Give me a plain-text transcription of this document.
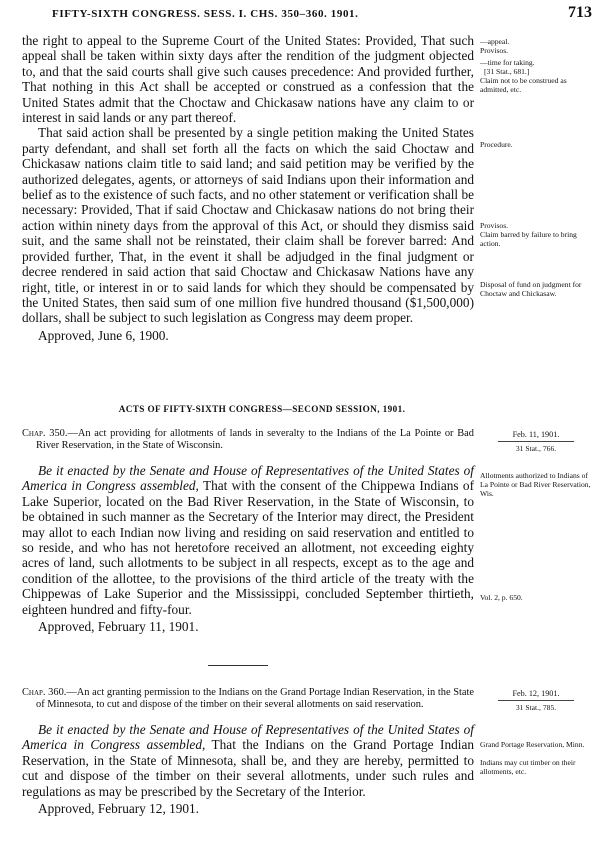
FIFTY-SIXTH CONGRESS. SESS. I. CHS. 350–360. 1901.	713

the right to appeal to the Supreme Court of the United States: Provided, That such appeal shall be taken within sixty days after the rendition of the judgment objected to, and that the said courts shall give such causes precedence: And provided further, That nothing in this Act shall be accepted or construed as a confession that the United States admit that the Choctaw and Chickasaw nations have any claim to or interest in said lands or any part thereof.

That said action shall be presented by a single petition making the United States party defendant, and shall set forth all the facts on which the said Choctaw and Chickasaw nations claim title to said land; and said petition may be verified by the authorized delegates, agents, or attorneys of said Indians upon their information and belief as to the existence of such facts, and no other statement or verification shall be necessary: Provided, That if said Choctaw and Chickasaw nations do not bring their action within ninety days from the approval of this Act, or should they dismiss said suit, and the same shall not be reinstated, their claim shall be forever barred: And provided further, That, in the event it shall be adjudged in the final judgment or decree rendered in said action that said Choctaw and Chickasaw Nations have any right, title, or interest in or to said lands for which they should be compensated by the United States, then said sum of one million five hundred thousand ($1,500,000) dollars, shall be subject to such legislation as Congress may deem proper.

Approved, June 6, 1900.

—appeal.
Provisos.
—time for taking.
[31 Stat., 681.]
Claim not to be construed as admitted, etc.
Procedure.
Provisos.
Claim barred by failure to bring action.
Disposal of fund on judgment for Choctaw and Chickasaw.
ACTS OF FIFTY-SIXTH CONGRESS—SECOND SESSION, 1901.

Chap. 350.—An act providing for allotments of lands in severalty to the Indians of the La Pointe or Bad River Reservation, in the State of Wisconsin.

Be it enacted by the Senate and House of Representatives of the United States of America in Congress assembled, That with the consent of the Chippewa Indians of Lake Superior, located on the Bad River Reservation, in the State of Wisconsin, to be obtained in such manner as the Secretary of the Interior may direct, the President may allot to each Indian now living and residing on said reservation and entitled to so reside, and who has not heretofore received an allotment, not exceeding eighty acres of land, such allotments to be subject in all respects, except as to the age and condition of the allottee, to the provisions of the third article of the treaty with the Chippewas of Lake Superior and the Mississippi, concluded September thirtieth, eighteen hundred and fifty-four.

Approved, February 11, 1901.

Feb. 11, 1901.
31 Stat., 766.
Allotments authorized to Indians of La Pointe or Bad River Reservation, Wis.
Vol. 2, p. 650.

Chap. 360.—An act granting permission to the Indians on the Grand Portage Indian Reservation, in the State of Minnesota, to cut and dispose of the timber on their several allotments on said reservation.

Be it enacted by the Senate and House of Representatives of the United States of America in Congress assembled, That the Indians on the Grand Portage Indian Reservation, in the State of Minnesota, shall be, and they are hereby, permitted to cut and dispose of the timber on their several allotments, under such rules and regulations as may be prescribed by the Secretary of the Interior.

Approved, February 12, 1901.

Feb. 12, 1901.
31 Stat., 785.
Grand Portage Reservation, Minn.
Indians may cut timber on their allotments, etc.
